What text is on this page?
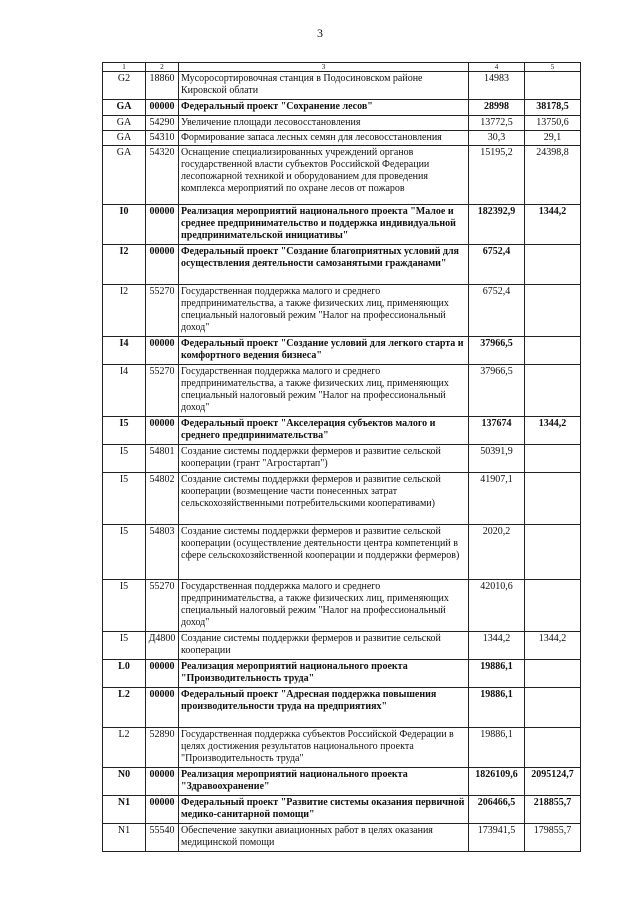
3
1	2	3	4	5
G2	18860	Мусоросортировочная станция в Подосиновском районе Кировской облати	14983	
GA	00000	Федеральный проект "Сохранение лесов"	28998	38178,5
GA	54290	Увеличение площади лесовосстановления	13772,5	13750,6
GA	54310	Формирование запаса лесных семян для лесовосстановления	30,3	29,1
GA	54320	Оснащение специализированных учреждений органов государственной власти субъектов Российской Федерации лесопожарной техникой и оборудованием для проведения комплекса мероприятий по охране лесов от пожаров	15195,2	24398,8
I0	00000	Реализация мероприятий национального проекта "Малое и среднее предпринимательство и поддержка индивидуальной предпринимательской инициативы"	182392,9	1344,2
I2	00000	Федеральный проект "Создание благоприятных условий для осуществления деятельности самозанятыми гражданами"	6752,4	
I2	55270	Государственная поддержка малого и среднего предпринимательства, а также физических лиц, применяющих специальный налоговый режим "Налог на профессиональный доход"	6752,4	
I4	00000	Федеральный проект "Создание условий для легкого старта и комфортного ведения бизнеса"	37966,5	
I4	55270	Государственная поддержка малого и среднего предпринимательства, а также физических лиц, применяющих специальный налоговый режим "Налог на профессиональный доход"	37966,5	
I5	00000	Федеральный проект "Акселерация субъектов малого и среднего предпринимательства"	137674	1344,2
I5	54801	Создание системы поддержки фермеров и развитие сельской кооперации (грант "Агростартап")	50391,9	
I5	54802	Создание системы поддержки фермеров и развитие сельской кооперации (возмещение части понесенных затрат сельскохозяйственными потребительскими кооперативами)	41907,1	
I5	54803	Создание системы поддержки фермеров и развитие сельской кооперации (осуществление деятельности центра компетенций в сфере сельскохозяйственной кооперации и поддержки фермеров)	2020,2	
I5	55270	Государственная поддержка малого и среднего предпринимательства, а также физических лиц, применяющих специальный налоговый режим "Налог на профессиональный доход"	42010,6	
I5	Д4800	Создание системы поддержки фермеров и развитие сельской кооперации	1344,2	1344,2
L0	00000	Реализация мероприятий национального проекта "Производительность труда"	19886,1	
L2	00000	Федеральный проект "Адресная поддержка повышения производительности труда на предприятиях"	19886,1	
L2	52890	Государственная поддержка субъектов Российской Федерации в целях достижения результатов национального проекта "Производительность труда"	19886,1	
N0	00000	Реализация мероприятий национального проекта "Здравоохранение"	1826109,6	2095124,7
N1	00000	Федеральный проект "Развитие системы оказания первичной медико-санитарной помощи"	206466,5	218855,7
N1	55540	Обеспечение закупки авиационных работ в целях оказания медицинской помощи	173941,5	179855,7
